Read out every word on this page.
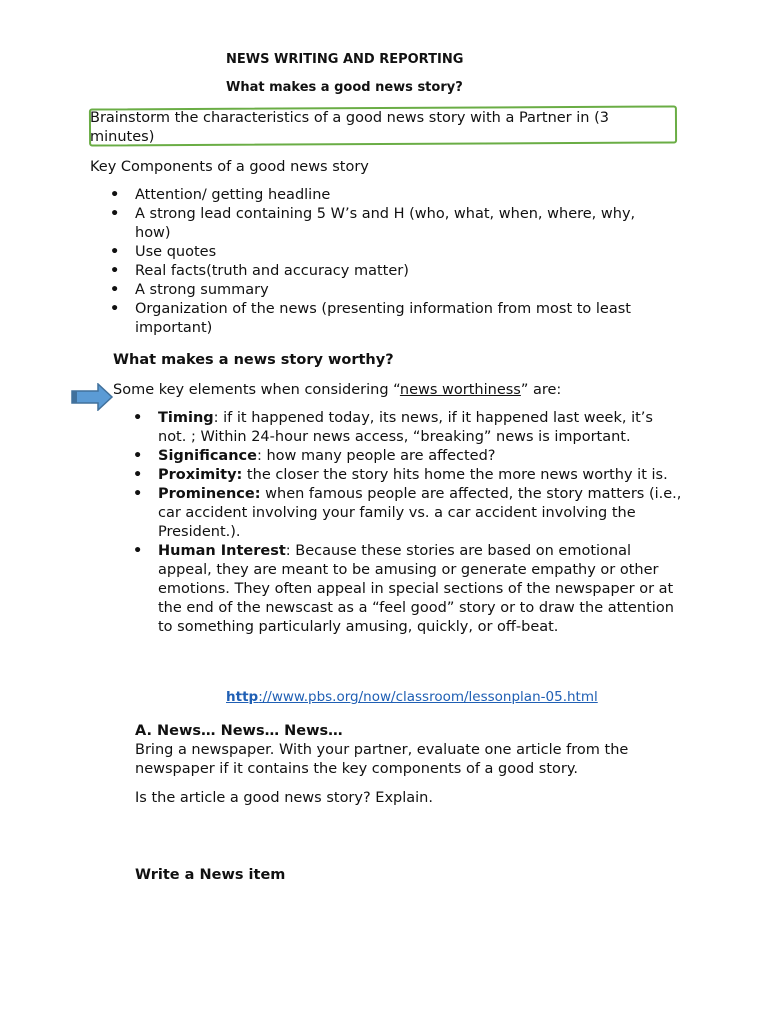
NEWS WRITING AND REPORTING
What makes a good news story?
Brainstorm the characteristics of a good news story with a Partner in (3 minutes)
Key Components of a good news story
• Attention/ getting headline
• A strong lead containing 5 W’s and H (who, what, when, where, why, how)
• Use quotes
• Real facts(truth and accuracy matter)
• A strong summary
• Organization of the news (presenting information from most to least important)
What makes a news story worthy?
Some key elements when considering “news worthiness” are:
• Timing: if it happened today, its news, if it happened last week, it’s not. ; Within 24-hour news access, “breaking” news is important.
• Significance: how many people are affected?
• Proximity: the closer the story hits home the more news worthy it is.
• Prominence: when famous people are affected, the story matters (i.e., car accident involving your family vs. a car accident involving the President.).
• Human Interest: Because these stories are based on emotional appeal, they are meant to be amusing or generate empathy or other emotions. They often appeal in special sections of the newspaper or at the end of the newscast as a “feel good” story or to draw the attention to something particularly amusing, quickly, or off-beat.
http://www.pbs.org/now/classroom/lessonplan-05.html
A. News… News… News…
Bring a newspaper. With your partner, evaluate one article from the newspaper if it contains the key components of a good story.
Is the article a good news story? Explain.
Write a News item
